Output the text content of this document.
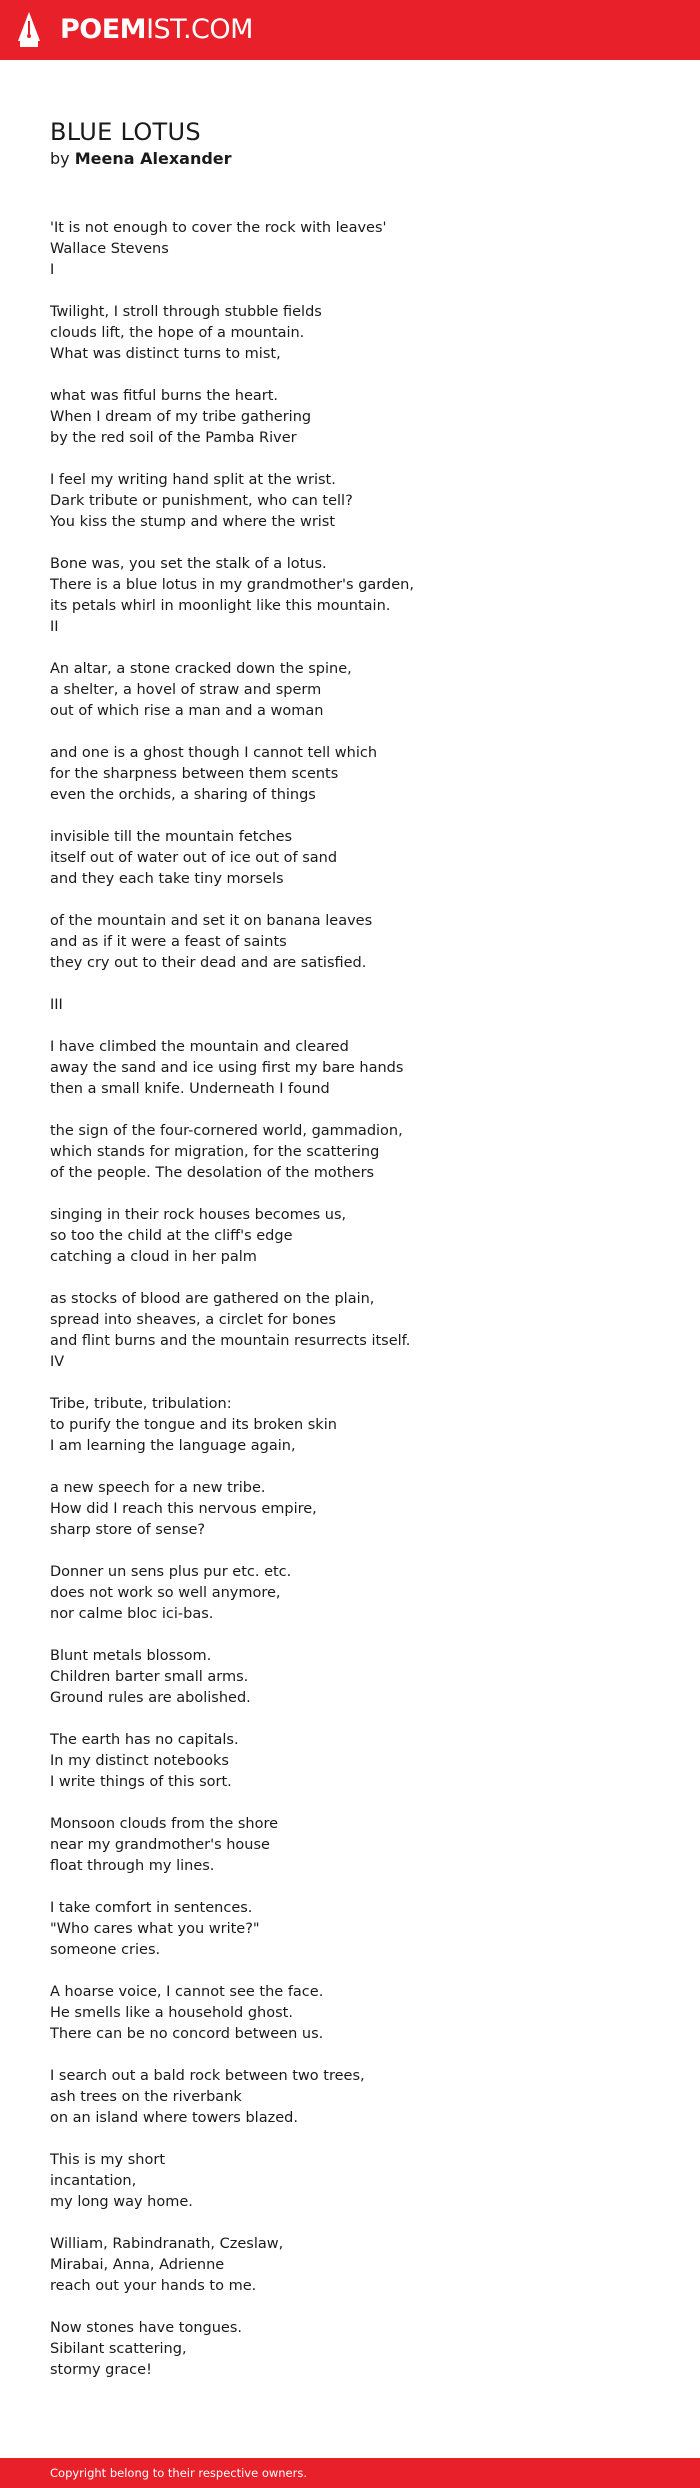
POEMIST.COM
BLUE LOTUS
by Meena Alexander
'It is not enough to cover the rock with leaves'
Wallace Stevens
I
Twilight, I stroll through stubble fields
clouds lift, the hope of a mountain.
What was distinct turns to mist,
what was fitful burns the heart.
When I dream of my tribe gathering
by the red soil of the Pamba River
I feel my writing hand split at the wrist.
Dark tribute or punishment, who can tell?
You kiss the stump and where the wrist
Bone was, you set the stalk of a lotus.
There is a blue lotus in my grandmother's garden,
its petals whirl in moonlight like this mountain.
II
An altar, a stone cracked down the spine,
a shelter, a hovel of straw and sperm
out of which rise a man and a woman
and one is a ghost though I cannot tell which
for the sharpness between them scents
even the orchids, a sharing of things
invisible till the mountain fetches
itself out of water out of ice out of sand
and they each take tiny morsels
of the mountain and set it on banana leaves
and as if it were a feast of saints
they cry out to their dead and are satisfied.
III
I have climbed the mountain and cleared
away the sand and ice using first my bare hands
then a small knife. Underneath I found
the sign of the four-cornered world, gammadion,
which stands for migration, for the scattering
of the people. The desolation of the mothers
singing in their rock houses becomes us,
so too the child at the cliff's edge
catching a cloud in her palm
as stocks of blood are gathered on the plain,
spread into sheaves, a circlet for bones
and flint burns and the mountain resurrects itself.
IV
Tribe, tribute, tribulation:
to purify the tongue and its broken skin
I am learning the language again,
a new speech for a new tribe.
How did I reach this nervous empire,
sharp store of sense?
Donner un sens plus pur etc. etc.
does not work so well anymore,
nor calme bloc ici-bas.
Blunt metals blossom.
Children barter small arms.
Ground rules are abolished.
The earth has no capitals.
In my distinct notebooks
I write things of this sort.
Monsoon clouds from the shore
near my grandmother's house
float through my lines.
I take comfort in sentences.
"Who cares what you write?"
someone cries.
A hoarse voice, I cannot see the face.
He smells like a household ghost.
There can be no concord between us.
I search out a bald rock between two trees,
ash trees on the riverbank
on an island where towers blazed.
This is my short
incantation,
my long way home.
William, Rabindranath, Czeslaw,
Mirabai, Anna, Adrienne
reach out your hands to me.
Now stones have tongues.
Sibilant scattering,
stormy grace!
Copyright belong to their respective owners.
